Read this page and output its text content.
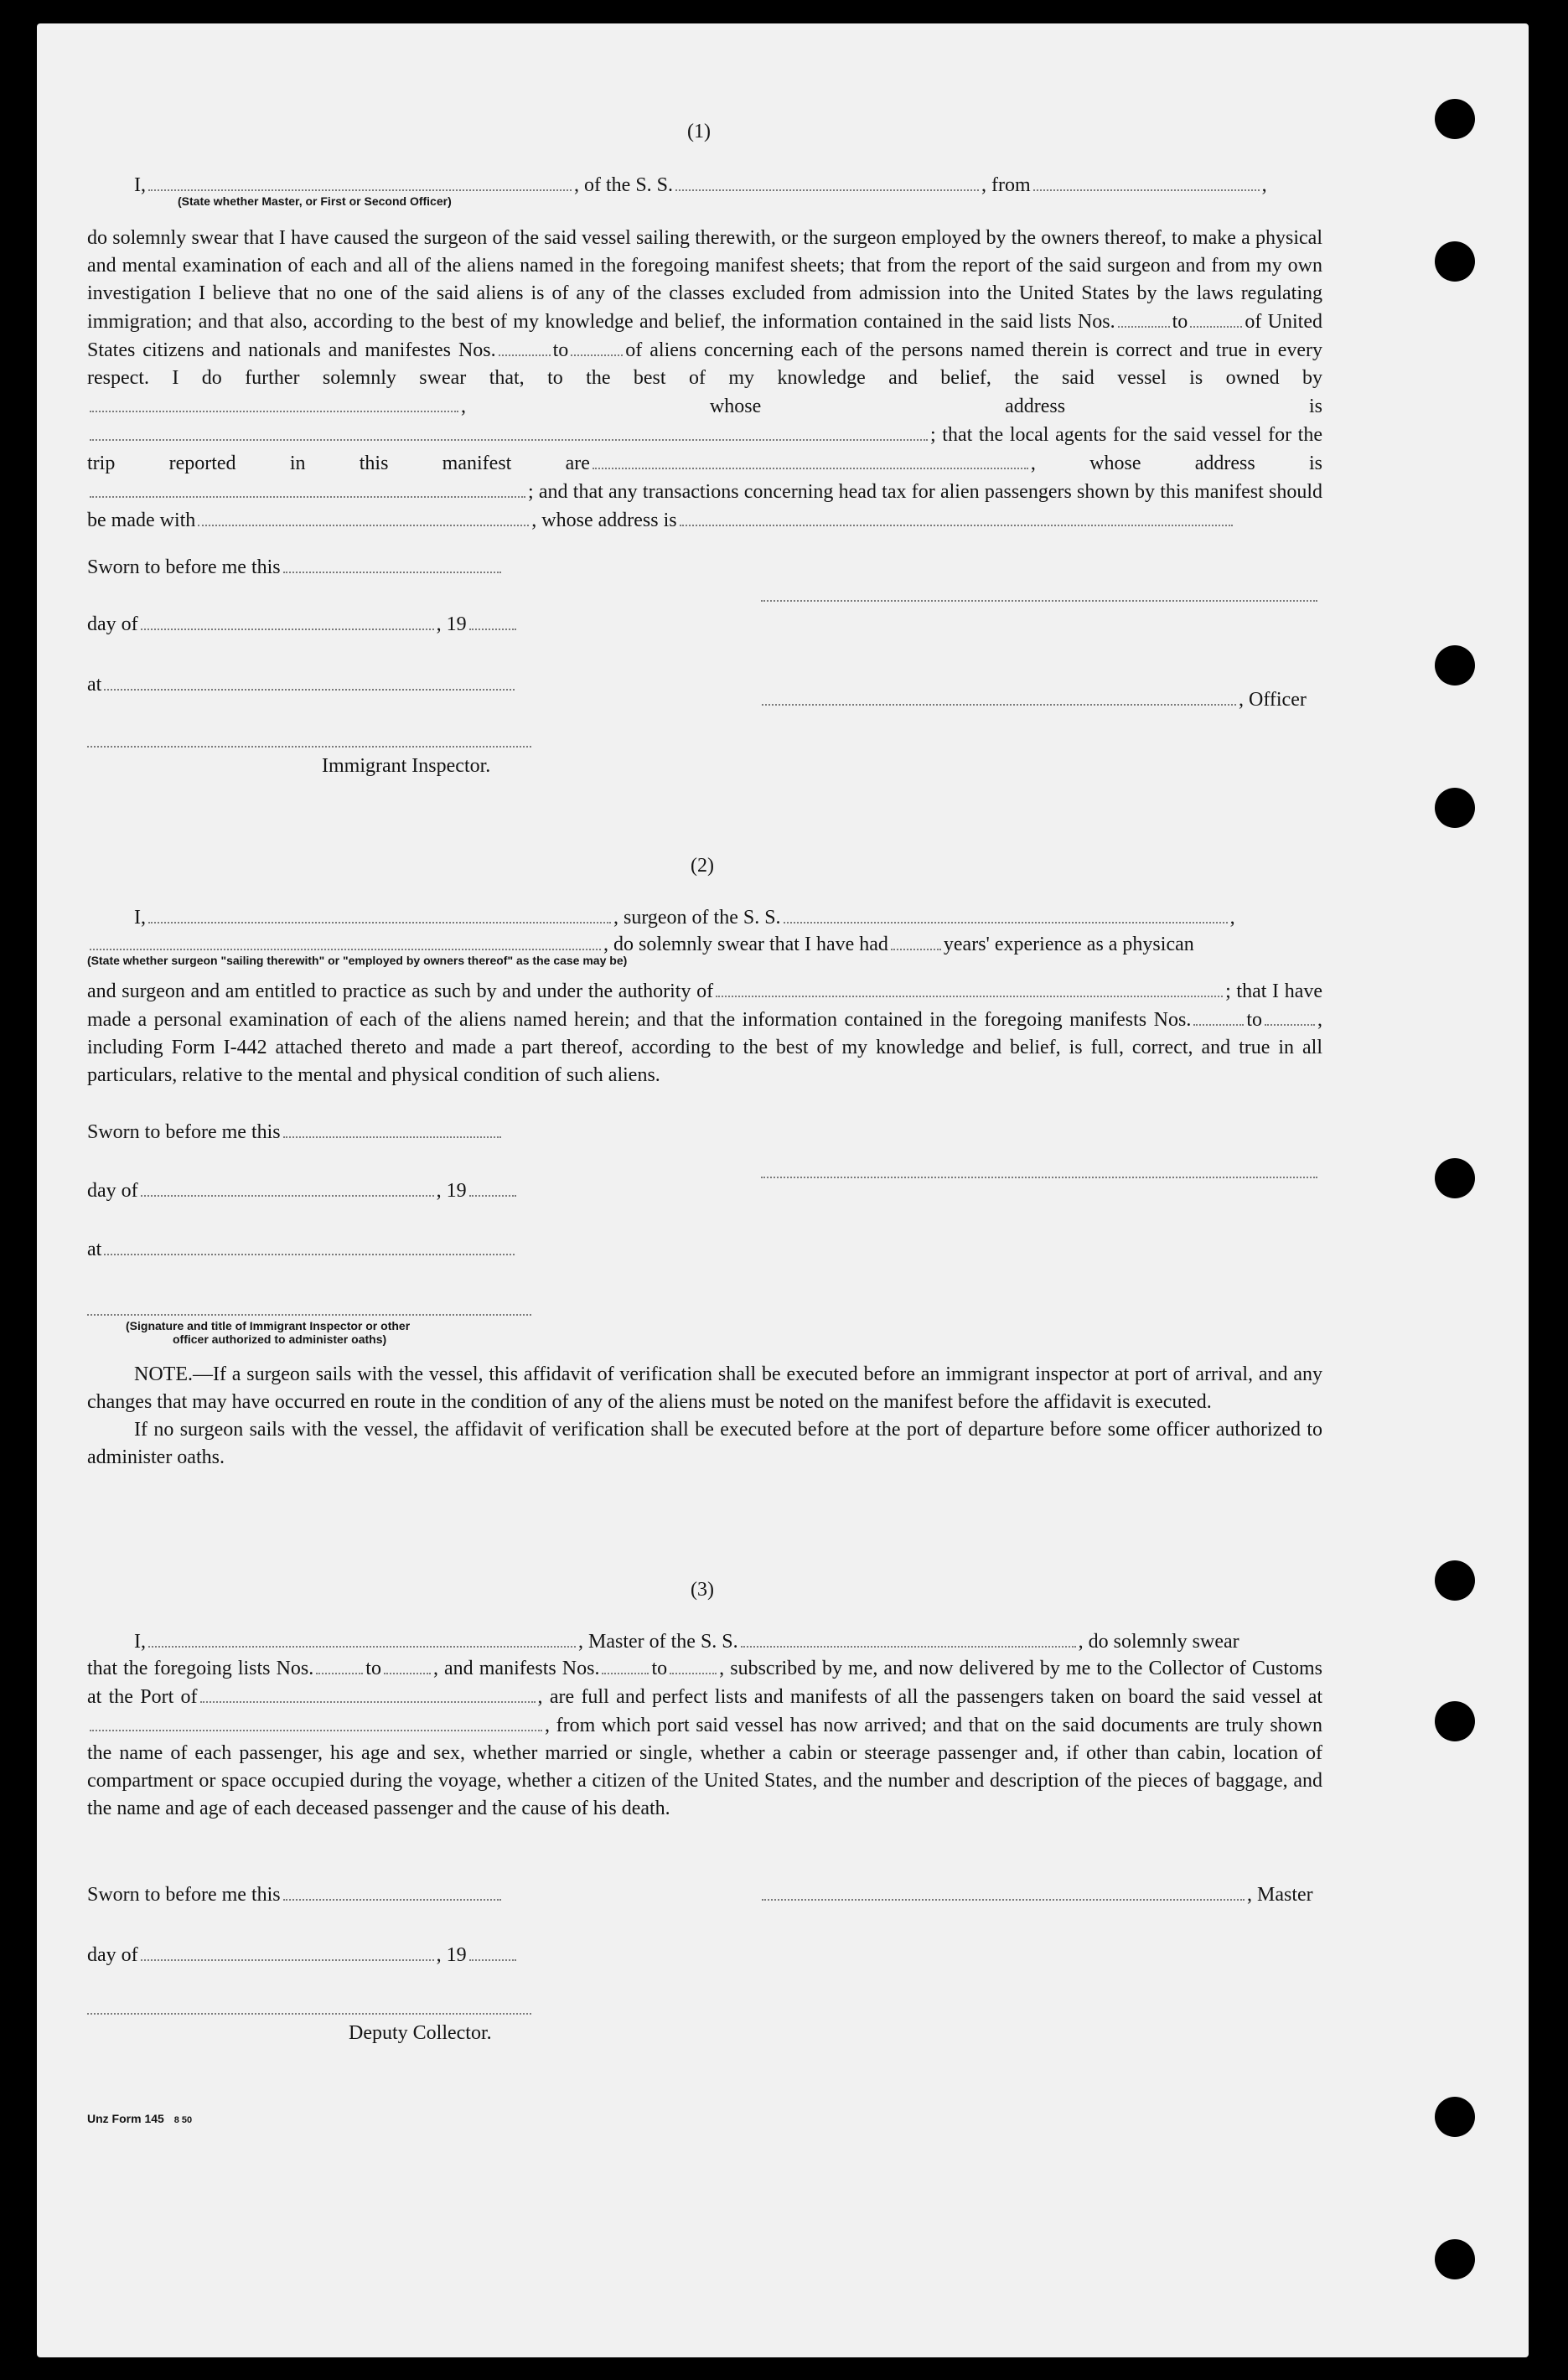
(1)
I,	, of the S. S.	, from	,
(State whether Master, or First or Second Officer)

do solemnly swear that I have caused the surgeon of the said vessel sailing therewith, or the surgeon employed by the owners thereof, to make a physical and mental examination of each and all of the aliens named in the foregoing manifest sheets; that from the report of the said surgeon and from my own investigation I believe that no one of the said aliens is of any of the classes excluded from admission into the United States by the laws regulating immigration; and that also, according to the best of my knowledge and belief, the information contained in the said lists Nos.	to	of United States citizens and nationals and manifestes Nos.	to	of aliens concerning each of the persons named therein is correct and true in every respect. I do further solemnly swear that, to the best of my knowledge and belief, the said vessel is owned by, whose address is; that the local agents for the said vessel for the trip reported in this manifest are	, whose address is; and that any transactions concerning head tax for alien passengers shown by this manifest should be made with	, whose address is

Sworn to before me this
day of	, 19
at
, Officer
Immigrant Inspector.
(2)
I,	, surgeon of the S. S.	,
, do solemnly swear that I have had	years' experience as a physican
(State whether surgeon "sailing therewith" or "employed by owners thereof" as the case may be)

and surgeon and am entitled to practice as such by and under the authority of	; that I have made a personal examination of each of the aliens named herein; and that the information contained in the foregoing manifests Nos.	to	, including Form I-442 attached thereto and made a part thereof, according to the best of my knowledge and belief, is full, correct, and true in all particulars, relative to the mental and physical condition of such aliens.

Sworn to before me this
day of	, 19
at
(Signature and title of Immigrant Inspector or other
officer authorized to administer oaths)

NOTE.—If a surgeon sails with the vessel, this affidavit of verification shall be executed before an immigrant inspector at port of arrival, and any changes that may have occurred en route in the condition of any of the aliens must be noted on the manifest before the affidavit is executed.

If no surgeon sails with the vessel, the affidavit of verification shall be executed before at the port of departure before some officer authorized to administer oaths.

(3)
I,	, Master of the S. S.	, do solemnly swear

that the foregoing lists Nos.	to	, and manifests Nos.	to	, subscribed by me, and now delivered by me to the Collector of Customs at the Port of	, are full and perfect lists and manifests of all the passengers taken on board the said vessel at, from which port said vessel has now arrived; and that on the said documents are truly shown the name of each passenger, his age and sex, whether married or single, whether a cabin or steerage passenger and, if other than cabin, location of compartment or space occupied during the voyage, whether a citizen of the United States, and the number and description of the pieces of baggage, and the name and age of each deceased passenger and the cause of his death.

Sworn to before me this	, Master
day of	, 19
Deputy Collector.
Unz Form 145 8 50
